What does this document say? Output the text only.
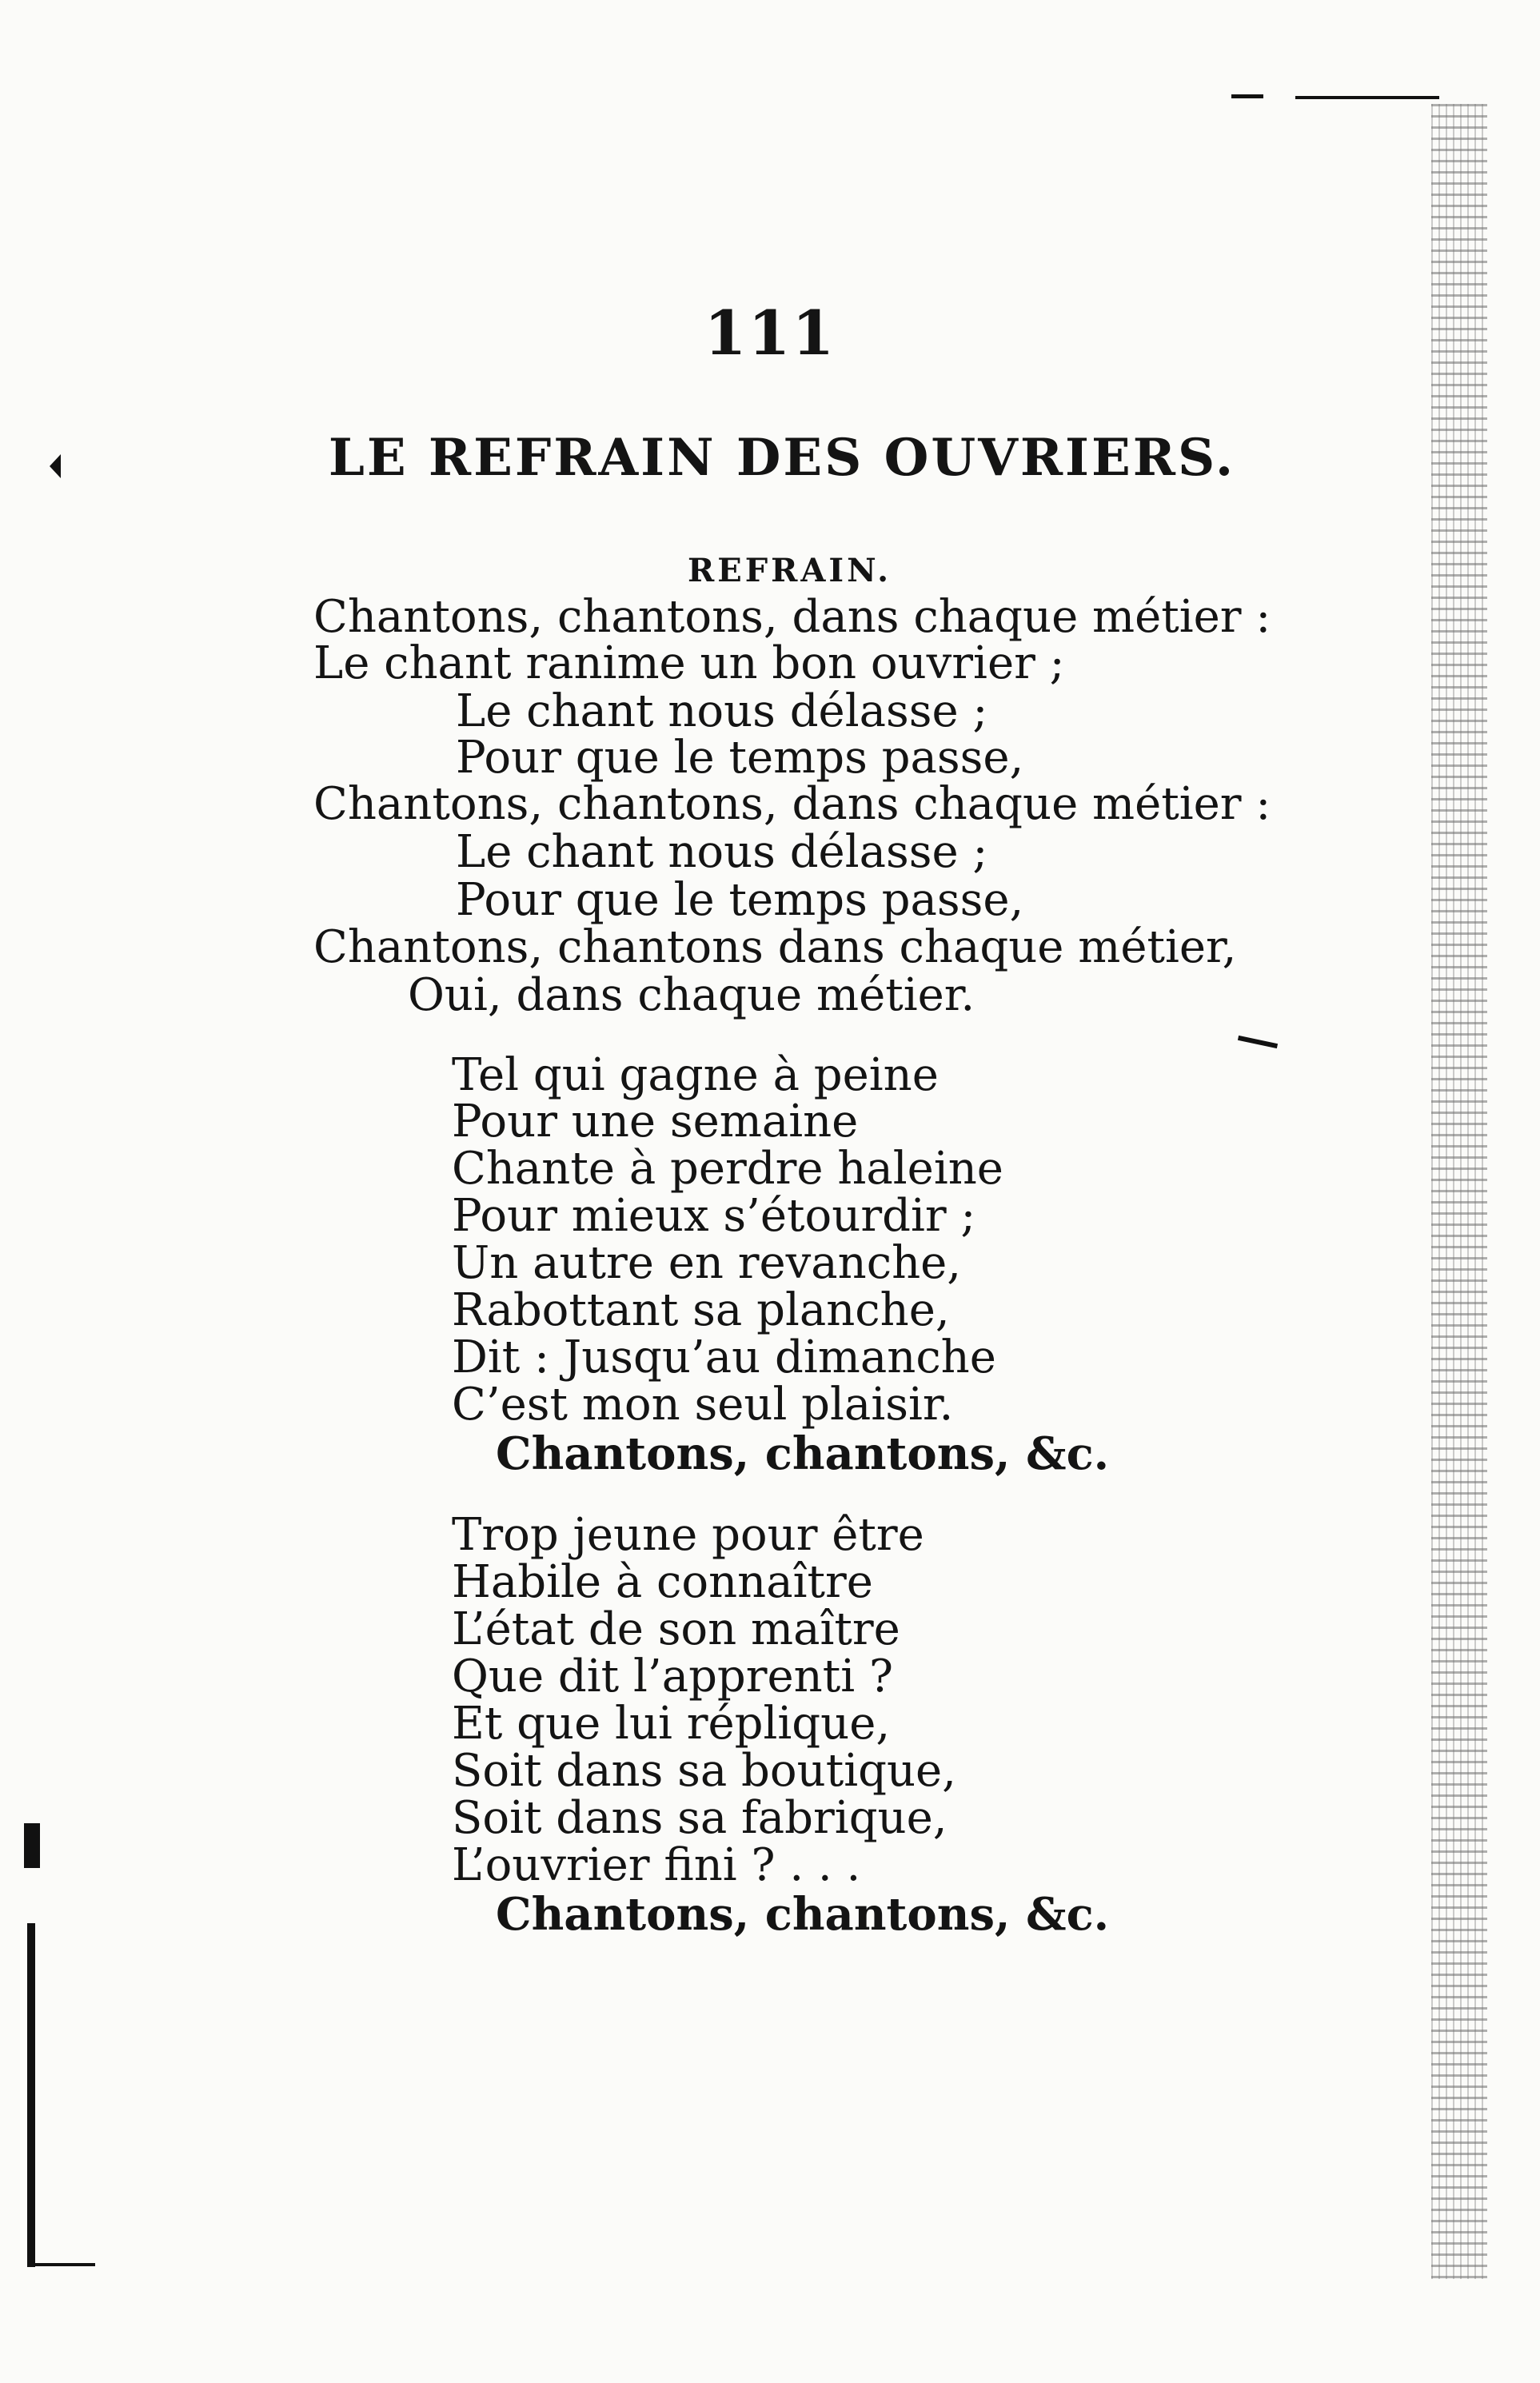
111
LE REFRAIN DES OUVRIERS.
REFRAIN.
Chantons, chantons, dans chaque métier :
Le chant ranime un bon ouvrier ;
Le chant nous délasse ;
Pour que le temps passe,
Chantons, chantons, dans chaque métier :
Le chant nous délasse ;
Pour que le temps passe,
Chantons, chantons dans chaque métier,
Oui, dans chaque métier.
Tel qui gagne à peine
Pour une semaine
Chante à perdre haleine
Pour mieux s’étourdir ;
Un autre en revanche,
Rabottant sa planche,
Dit : Jusqu’au dimanche
C’est mon seul plaisir.
Chantons, chantons, &c.
Trop jeune pour être
Habile à connaître
L’état de son maître
Que dit l’apprenti ?
Et que lui réplique,
Soit dans sa boutique,
Soit dans sa fabrique,
L’ouvrier fini ? . . .
Chantons, chantons, &c.
